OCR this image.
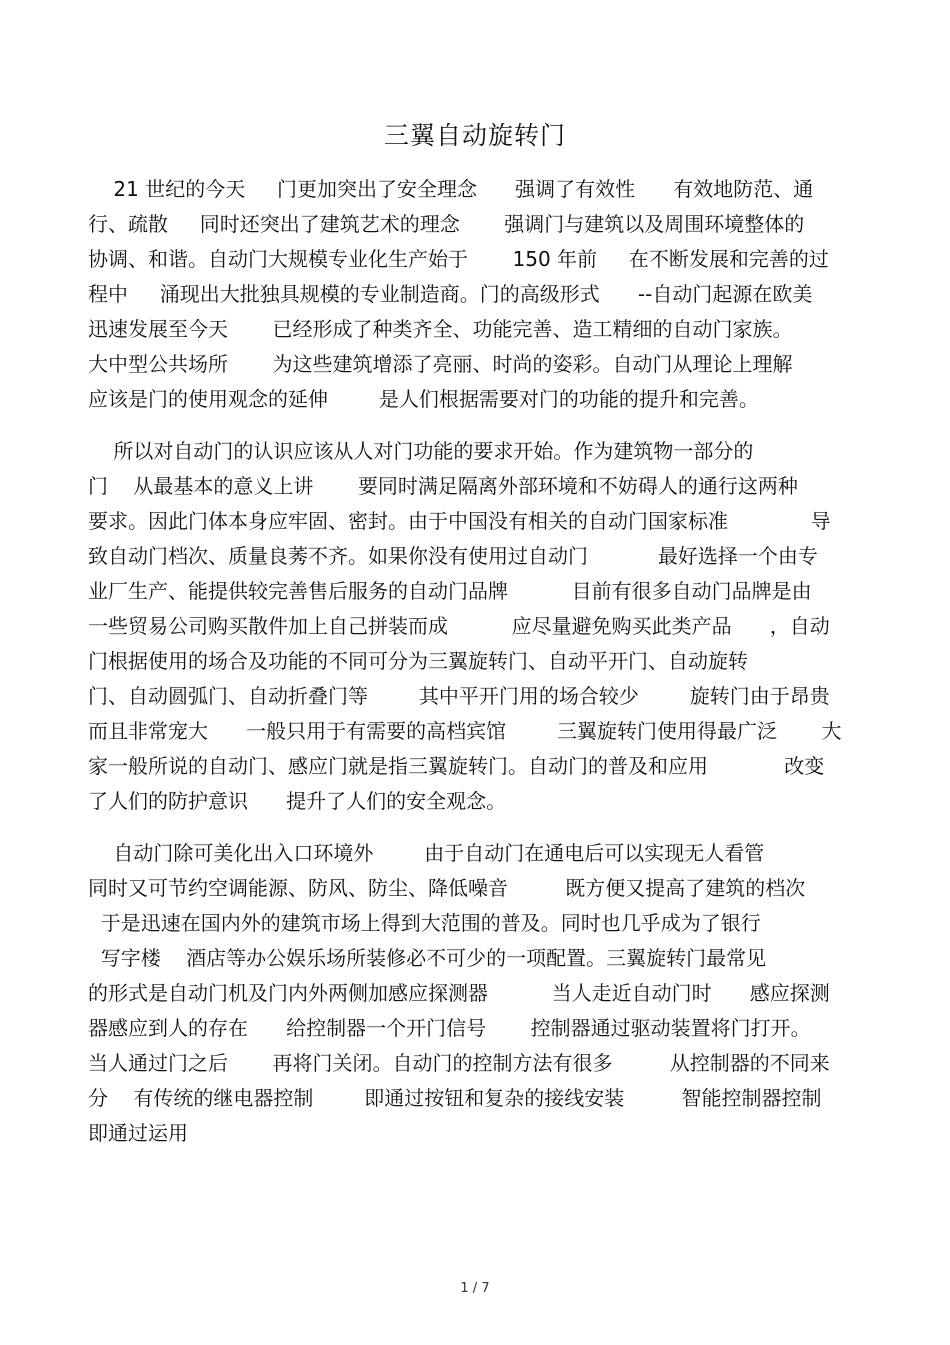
三翼自动旋转门
21 世纪的今天     门更加突出了安全理念      强调了有效性      有效地防范、通
行、疏散     同时还突出了建筑艺术的理念       强调门与建筑以及周围环境整体的
协调、和谐。自动门大规模专业化生产始于       150 年前     在不断发展和完善的过
程中     涌现出大批独具规模的专业制造商。门的高级形式      --自动门起源在欧美
迅速发展至今天       已经形成了种类齐全、功能完善、造工精细的自动门家族。
大中型公共场所       为这些建筑增添了亮丽、时尚的姿彩。自动门从理论上理解
应该是门的使用观念的延伸        是人们根据需要对门的功能的提升和完善。
所以对自动门的认识应该从人对门功能的要求开始。作为建筑物一部分的
门    从最基本的意义上讲       要同时满足隔离外部环境和不妨碍人的通行这两种
要求。因此门体本身应牢固、密封。由于中国没有相关的自动门国家标准             导
致自动门档次、质量良莠不齐。如果你没有使用过自动门           最好选择一个由专
业厂生产、能提供较完善售后服务的自动门品牌          目前有很多自动门品牌是由
一些贸易公司购买散件加上自己拼装而成          应尽量避免购买此类产品      ，自动
门根据使用的场合及功能的不同可分为三翼旋转门、自动平开门、自动旋转
门、自动圆弧门、自动折叠门等        其中平开门用的场合较少        旋转门由于昂贵
而且非常宠大      一般只用于有需要的高档宾馆        三翼旋转门使用得最广泛       大
家一般所说的自动门、感应门就是指三翼旋转门。自动门的普及和应用            改变
了人们的防护意识      提升了人们的安全观念。
自动门除可美化出入口环境外        由于自动门在通电后可以实现无人看管
同时又可节约空调能源、防风、防尘、降低噪音         既方便又提高了建筑的档次
于是迅速在国内外的建筑市场上得到大范围的普及。同时也几乎成为了银行
写字楼    酒店等办公娱乐场所装修必不可少的一项配置。三翼旋转门最常见
的形式是自动门机及门内外两侧加感应探测器          当人走近自动门时      感应探测
器感应到人的存在      给控制器一个开门信号       控制器通过驱动装置将门打开。
当人通过门之后       再将门关闭。自动门的控制方法有很多         从控制器的不同来
分    有传统的继电器控制        即通过按钮和复杂的接线安装         智能控制器控制
即通过运用
1 / 7
